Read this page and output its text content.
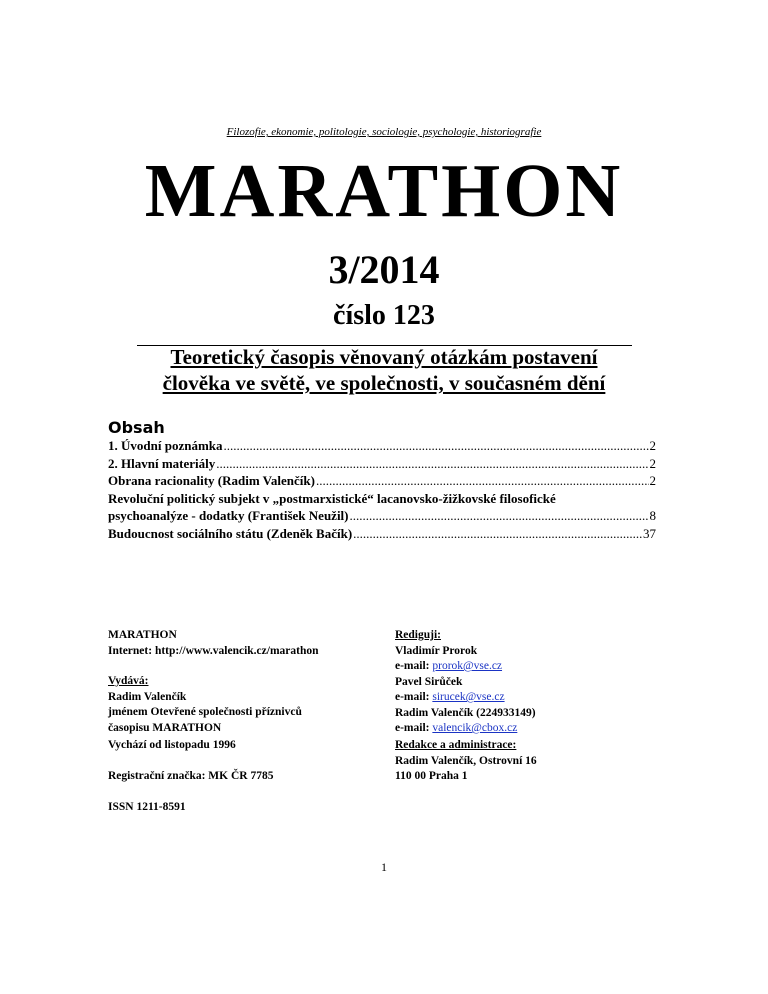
Filozofie, ekonomie, politologie, sociologie, psychologie, historiografie
MARATHON
3/2014
číslo 123
Teoretický časopis věnovaný otázkám postavení
člověka ve světě, ve společnosti, v současném dění
Obsah
1. Úvodní poznámka .....	2
2. Hlavní materiály .....	2
Obrana racionality (Radim Valenčík) .....	2
Revoluční politický subjekt v „postmarxistické“ lacanovsko-žižkovské filosofické
psychoanalýze - dodatky (František Neužil) .....	8
Budoucnost sociálního státu (Zdeněk Bačík) .....	37
MARATHON
Internet: http://www.valencik.cz/marathon
Vydává:
Radim Valenčík
jménem Otevřené společnosti příznivců
časopisu MARATHON
Vychází od listopadu 1996
Registrační značka: MK ČR 7785
ISSN 1211-8591
Rediguji:
Vladimír Prorok
e-mail: prorok@vse.cz
Pavel Sirůček
e-mail: sirucek@vse.cz
Radim Valenčík (224933149)
e-mail: valencik@cbox.cz
Redakce a administrace:
Radim Valenčík, Ostrovní 16
110 00 Praha 1
1
